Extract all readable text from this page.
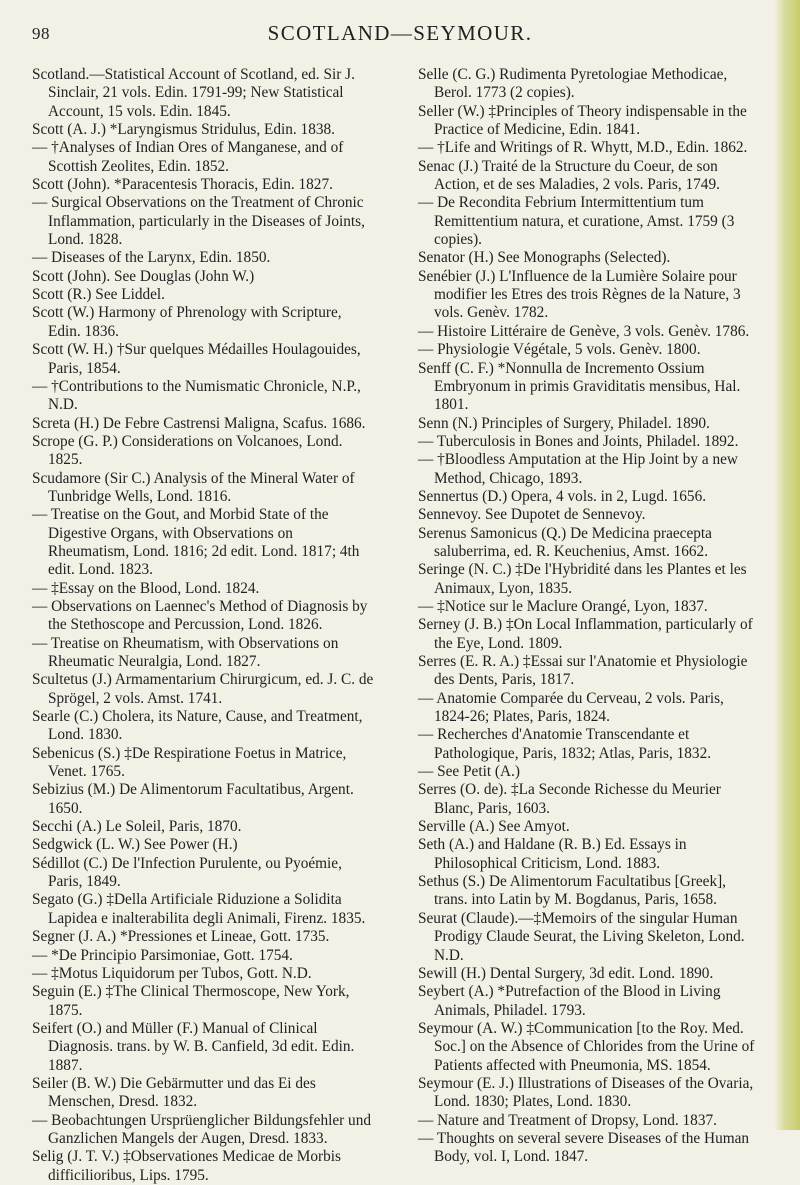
98	SCOTLAND—SEYMOUR.

Scotland.—Statistical Account of Scotland, ed. Sir J. Sinclair, 21 vols. Edin. 1791-99; New Statistical Account, 15 vols. Edin. 1845.

Scott (A. J.) *Laryngismus Stridulus, Edin. 1838.

— †Analyses of Indian Ores of Manganese, and of Scottish Zeolites, Edin. 1852.

Scott (John). *Paracentesis Thoracis, Edin. 1827.

— Surgical Observations on the Treatment of Chronic Inflammation, particularly in the Diseases of Joints, Lond. 1828.

— Diseases of the Larynx, Edin. 1850.

Scott (John). See Douglas (John W.)

Scott (R.) See Liddel.

Scott (W.) Harmony of Phrenology with Scripture, Edin. 1836.

Scott (W. H.) †Sur quelques Médailles Houlagouides, Paris, 1854.

— †Contributions to the Numismatic Chronicle, N.P., N.D.

Screta (H.) De Febre Castrensi Maligna, Scafus. 1686.

Scrope (G. P.) Considerations on Volcanoes, Lond. 1825.

Scudamore (Sir C.) Analysis of the Mineral Water of Tunbridge Wells, Lond. 1816.

— Treatise on the Gout, and Morbid State of the Digestive Organs, with Observations on Rheumatism, Lond. 1816; 2d edit. Lond. 1817; 4th edit. Lond. 1823.

— ‡Essay on the Blood, Lond. 1824.

— Observations on Laennec's Method of Diagnosis by the Stethoscope and Percussion, Lond. 1826.

— Treatise on Rheumatism, with Observations on Rheumatic Neuralgia, Lond. 1827.

Scultetus (J.) Armamentarium Chirurgicum, ed. J. C. de Sprögel, 2 vols. Amst. 1741.

Searle (C.) Cholera, its Nature, Cause, and Treatment, Lond. 1830.

Sebenicus (S.) ‡De Respiratione Foetus in Matrice, Venet. 1765.

Sebizius (M.) De Alimentorum Facultatibus, Argent. 1650.

Secchi (A.) Le Soleil, Paris, 1870.

Sedgwick (L. W.) See Power (H.)

Sédillot (C.) De l'Infection Purulente, ou Pyoémie, Paris, 1849.

Segato (G.) ‡Della Artificiale Riduzione a Solidita Lapidea e inalterabilita degli Animali, Firenz. 1835.

Segner (J. A.) *Pressiones et Lineae, Gott. 1735.

— *De Principio Parsimoniae, Gott. 1754.

— ‡Motus Liquidorum per Tubos, Gott. N.D.

Seguin (E.) ‡The Clinical Thermoscope, New York, 1875.

Seifert (O.) and Müller (F.) Manual of Clinical Diagnosis. trans. by W. B. Canfield, 3d edit. Edin. 1887.

Seiler (B. W.) Die Gebärmutter und das Ei des Menschen, Dresd. 1832.

— Beobachtungen Ursprüenglicher Bildungsfehler und Ganzlichen Mangels der Augen, Dresd. 1833.

Selig (J. T. V.) ‡Observationes Medicae de Morbis difficilioribus, Lips. 1795.

Selle (C. G.) Rudimenta Pyretologiae Methodicae, Berol. 1773 (2 copies).

Seller (W.) ‡Principles of Theory indispensable in the Practice of Medicine, Edin. 1841.

— †Life and Writings of R. Whytt, M.D., Edin. 1862.

Senac (J.) Traité de la Structure du Coeur, de son Action, et de ses Maladies, 2 vols. Paris, 1749.

— De Recondita Febrium Intermittentium tum Remittentium natura, et curatione, Amst. 1759 (3 copies).

Senator (H.) See Monographs (Selected).

Senébier (J.) L'Influence de la Lumière Solaire pour modifier les Etres des trois Règnes de la Nature, 3 vols. Genèv. 1782.

— Histoire Littéraire de Genève, 3 vols. Genèv. 1786.

— Physiologie Végétale, 5 vols. Genèv. 1800.

Senff (C. F.) *Nonnulla de Incremento Ossium Embryonum in primis Graviditatis mensibus, Hal. 1801.

Senn (N.) Principles of Surgery, Philadel. 1890.

— Tuberculosis in Bones and Joints, Philadel. 1892.

— †Bloodless Amputation at the Hip Joint by a new Method, Chicago, 1893.

Sennertus (D.) Opera, 4 vols. in 2, Lugd. 1656.

Sennevoy. See Dupotet de Sennevoy.

Serenus Samonicus (Q.) De Medicina praecepta saluberrima, ed. R. Keuchenius, Amst. 1662.

Seringe (N. C.) ‡De l'Hybridité dans les Plantes et les Animaux, Lyon, 1835.

— ‡Notice sur le Maclure Orangé, Lyon, 1837.

Serney (J. B.) ‡On Local Inflammation, particularly of the Eye, Lond. 1809.

Serres (E. R. A.) ‡Essai sur l'Anatomie et Physiologie des Dents, Paris, 1817.

— Anatomie Comparée du Cerveau, 2 vols. Paris, 1824-26; Plates, Paris, 1824.

— Recherches d'Anatomie Transcendante et Pathologique, Paris, 1832; Atlas, Paris, 1832.

— See Petit (A.)

Serres (O. de). ‡La Seconde Richesse du Meurier Blanc, Paris, 1603.

Serville (A.) See Amyot.

Seth (A.) and Haldane (R. B.) Ed. Essays in Philosophical Criticism, Lond. 1883.

Sethus (S.) De Alimentorum Facultatibus [Greek], trans. into Latin by M. Bogdanus, Paris, 1658.

Seurat (Claude).—‡Memoirs of the singular Human Prodigy Claude Seurat, the Living Skeleton, Lond. N.D.

Sewill (H.) Dental Surgery, 3d edit. Lond. 1890.

Seybert (A.) *Putrefaction of the Blood in Living Animals, Philadel. 1793.

Seymour (A. W.) ‡Communication [to the Roy. Med. Soc.] on the Absence of Chlorides from the Urine of Patients affected with Pneumonia, MS. 1854.

Seymour (E. J.) Illustrations of Diseases of the Ovaria, Lond. 1830; Plates, Lond. 1830.

— Nature and Treatment of Dropsy, Lond. 1837.

— Thoughts on several severe Diseases of the Human Body, vol. I, Lond. 1847.
